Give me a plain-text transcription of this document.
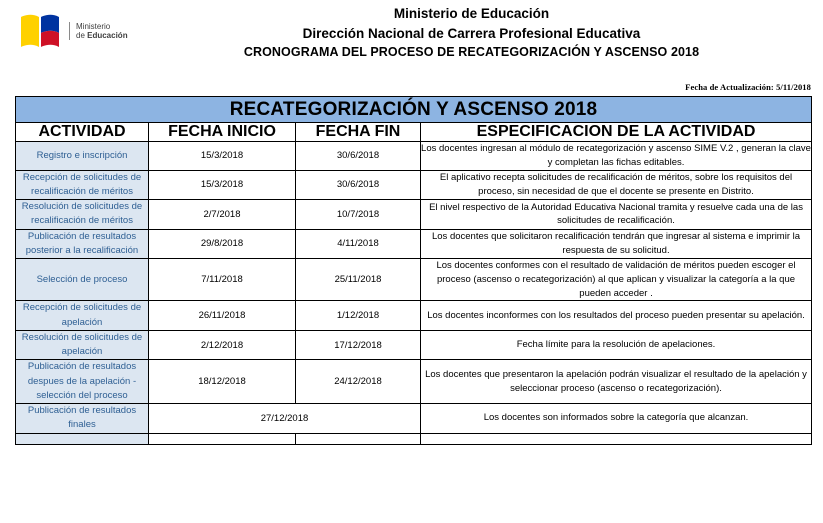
Ministerio
de Educación
Ministerio de Educación
Dirección Nacional de Carrera Profesional Educativa
CRONOGRAMA DEL PROCESO DE RECATEGORIZACIÓN Y ASCENSO 2018
Fecha de Actualización: 5/11/2018
RECATEGORIZACIÓN Y ASCENSO 2018			
ACTIVIDAD	FECHA INICIO	FECHA FIN	ESPECIFICACION DE LA ACTIVIDAD
Registro e inscripción	15/3/2018	30/6/2018	Los docentes ingresan al módulo de recategorización y ascenso SIME V.2 , generan la clave y completan las fichas editables.
Recepción de solicitudes de recalificación de méritos	15/3/2018	30/6/2018	El aplicativo recepta solicitudes de recalificación de méritos, sobre los requisitos del proceso, sin necesidad de que el docente se presente en Distrito.
Resolución de solicitudes de recalificación de méritos	2/7/2018	10/7/2018	El nivel respectivo de la Autoridad Educativa Nacional tramita y resuelve cada una de las solicitudes de recalificación.
Publicación de resultados posterior a la recalificación	29/8/2018	4/11/2018	Los docentes que solicitaron recalificación tendrán que ingresar al sistema e imprimir la respuesta de su solicitud.
Selección de proceso	7/11/2018	25/11/2018	Los docentes conformes con el resultado de validación de méritos pueden escoger el proceso (ascenso o recategorización) al que aplican y visualizar la categoría a la que pueden acceder .
Recepción de solicitudes de apelación	26/11/2018	1/12/2018	Los docentes inconformes con los resultados del proceso pueden presentar su apelación.
Resolución de solicitudes de apelación	2/12/2018	17/12/2018	Fecha límite para la resolución de apelaciones.
Publicación de resultados despues de la apelación - selección del proceso	18/12/2018	24/12/2018	Los docentes que presentaron la apelación podrán visualizar el resultado de la apelación y seleccionar proceso (ascenso o recategorización).
Publicación de resultados finales	27/12/2018		Los docentes son informados sobre la categoría que alcanzan.
